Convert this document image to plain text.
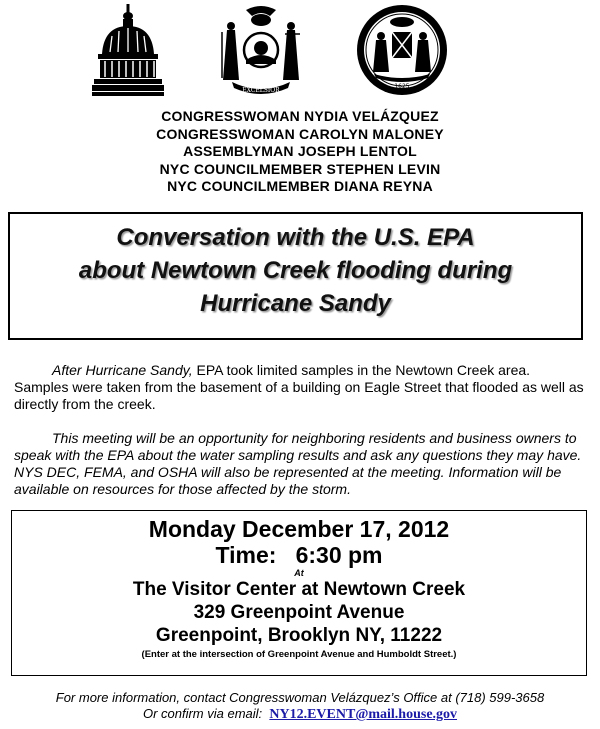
EXCELSIOR
1625
CONGRESSWOMAN NYDIA VELÁZQUEZ
CONGRESSWOMAN CAROLYN MALONEY
ASSEMBLYMAN JOSEPH LENTOL
NYC COUNCILMEMBER STEPHEN LEVIN
NYC COUNCILMEMBER DIANA REYNA
Conversation with the U.S. EPA
about Newtown Creek flooding during
Hurricane Sandy
After Hurricane Sandy, EPA took limited samples in the Newtown Creek area. Samples were taken from the basement of a building on Eagle Street that flooded as well as directly from the creek.
This meeting will be an opportunity for neighboring residents and business owners to speak with the EPA about the water sampling results and ask any questions they may have. NYS DEC, FEMA, and OSHA will also be represented at the meeting. Information will be available on resources for those affected by the storm.
Monday December 17, 2012
Time:   6:30 pm
At
The Visitor Center at Newtown Creek
329 Greenpoint Avenue
Greenpoint, Brooklyn NY, 11222
(Enter at the intersection of Greenpoint Avenue and Humboldt Street.)
For more information, contact Congresswoman Velázquez’s Office at (718) 599-3658
Or confirm via email:  NY12.EVENT@mail.house.gov
